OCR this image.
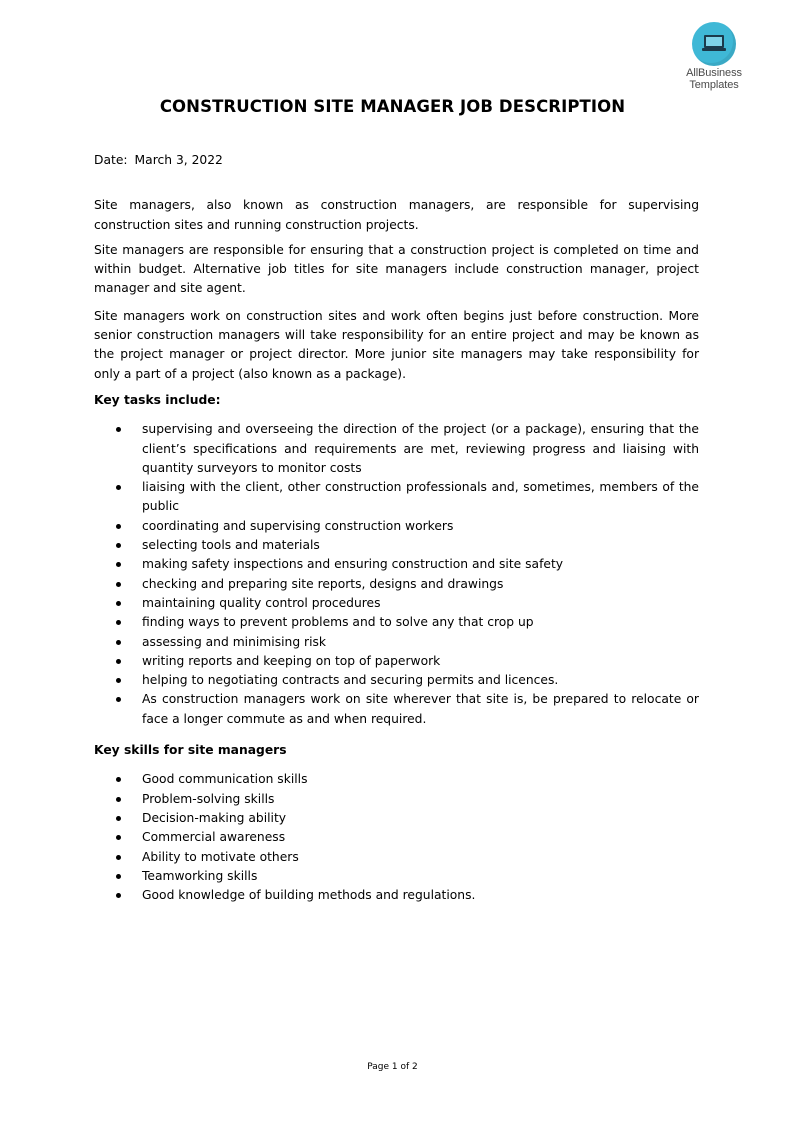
AllBusiness
Templates
CONSTRUCTION SITE MANAGER JOB DESCRIPTION
Date: March 3, 2022

Site managers, also known as construction managers, are responsible for supervising construction sites and running construction projects.

Site managers are responsible for ensuring that a construction project is completed on time and within budget. Alternative job titles for site managers include construction manager, project manager and site agent.

Site managers work on construction sites and work often begins just before construction. More senior construction managers will take responsibility for an entire project and may be known as the project manager or project director. More junior site managers may take responsibility for only a part of a project (also known as a package).

Key tasks include:
supervising and overseeing the direction of the project (or a package), ensuring that the client’s specifications and requirements are met, reviewing progress and liaising with quantity surveyors to monitor costs
liaising with the client, other construction professionals and, sometimes, members of the public
coordinating and supervising construction workers
selecting tools and materials
making safety inspections and ensuring construction and site safety
checking and preparing site reports, designs and drawings
maintaining quality control procedures
finding ways to prevent problems and to solve any that crop up
assessing and minimising risk
writing reports and keeping on top of paperwork
helping to negotiating contracts and securing permits and licences.
As construction managers work on site wherever that site is, be prepared to relocate or face a longer commute as and when required.
Key skills for site managers
Good communication skills
Problem-solving skills
Decision-making ability
Commercial awareness
Ability to motivate others
Teamworking skills
Good knowledge of building methods and regulations.
Page 1 of 2
